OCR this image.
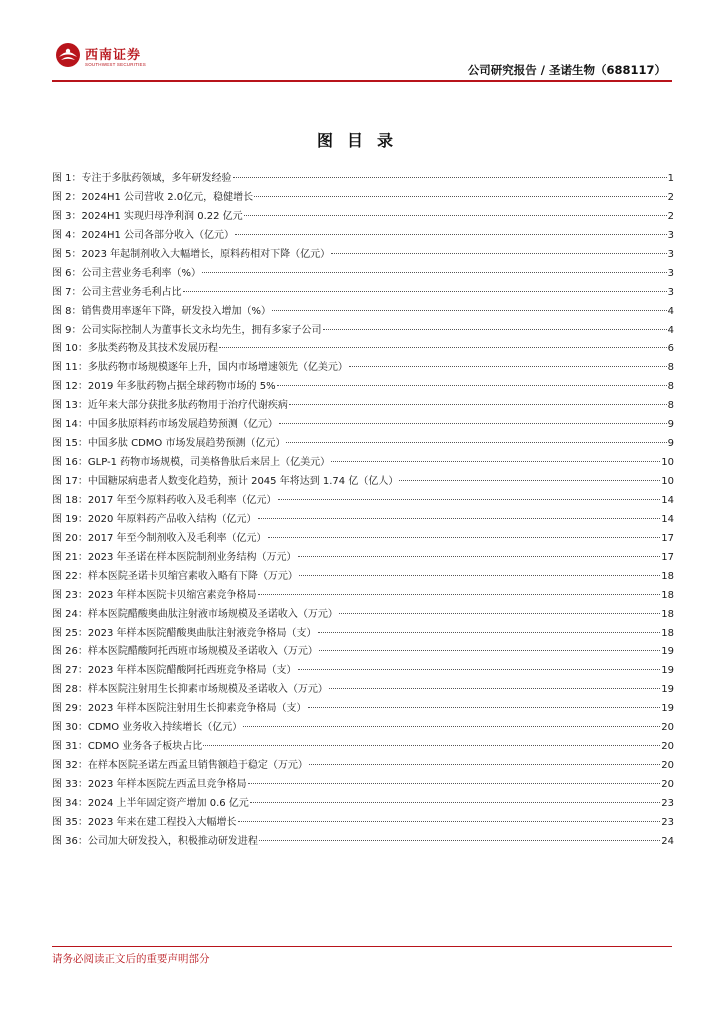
西南证券
SOUTHWEST SECURITIES	公司研究报告 / 圣诺生物（688117）
图目录
图 1： 专注于多肽药领域，多年研发经验	1
图 2： 2024H1 公司营收 2.0亿元，稳健增长	2
图 3： 2024H1 实现归母净利润 0.22 亿元	2
图 4： 2024H1 公司各部分收入（亿元）	3
图 5： 2023 年起制剂收入大幅增长，原料药相对下降（亿元）	3
图 6： 公司主营业务毛利率（%）	3
图 7： 公司主营业务毛利占比	3
图 8： 销售费用率逐年下降，研发投入增加（%）	4
图 9： 公司实际控制人为董事长文永均先生，拥有多家子公司	4
图 10： 多肽类药物及其技术发展历程	6
图 11： 多肽药物市场规模逐年上升，国内市场增速领先（亿美元）	8
图 12： 2019 年多肽药物占据全球药物市场的 5%	8
图 13： 近年来大部分获批多肽药物用于治疗代谢疾病	8
图 14： 中国多肽原料药市场发展趋势预测（亿元）	9
图 15： 中国多肽 CDMO 市场发展趋势预测（亿元）	9
图 16： GLP-1 药物市场规模，司美格鲁肽后来居上（亿美元）	10
图 17： 中国糖尿病患者人数变化趋势，预计 2045 年将达到 1.74 亿（亿人）	10
图 18： 2017 年至今原料药收入及毛利率（亿元）	14
图 19： 2020 年原料药产品收入结构（亿元）	14
图 20： 2017 年至今制剂收入及毛利率（亿元）	17
图 21： 2023 年圣诺在样本医院制剂业务结构（万元）	17
图 22： 样本医院圣诺卡贝缩宫素收入略有下降（万元）	18
图 23： 2023 年样本医院卡贝缩宫素竞争格局	18
图 24： 样本医院醋酸奥曲肽注射液市场规模及圣诺收入（万元）	18
图 25： 2023 年样本医院醋酸奥曲肽注射液竞争格局（支）	18
图 26： 样本医院醋酸阿托西班市场规模及圣诺收入（万元）	19
图 27： 2023 年样本医院醋酸阿托西班竞争格局（支）	19
图 28： 样本医院注射用生长抑素市场规模及圣诺收入（万元）	19
图 29： 2023 年样本医院注射用生长抑素竞争格局（支）	19
图 30： CDMO 业务收入持续增长（亿元）	20
图 31： CDMO 业务各子板块占比	20
图 32： 在样本医院圣诺左西孟旦销售额趋于稳定（万元）	20
图 33： 2023 年样本医院左西孟旦竞争格局	20
图 34： 2024 上半年固定资产增加 0.6 亿元	23
图 35： 2023 年来在建工程投入大幅增长	23
图 36： 公司加大研发投入，积极推动研发进程	24
请务必阅读正文后的重要声明部分
